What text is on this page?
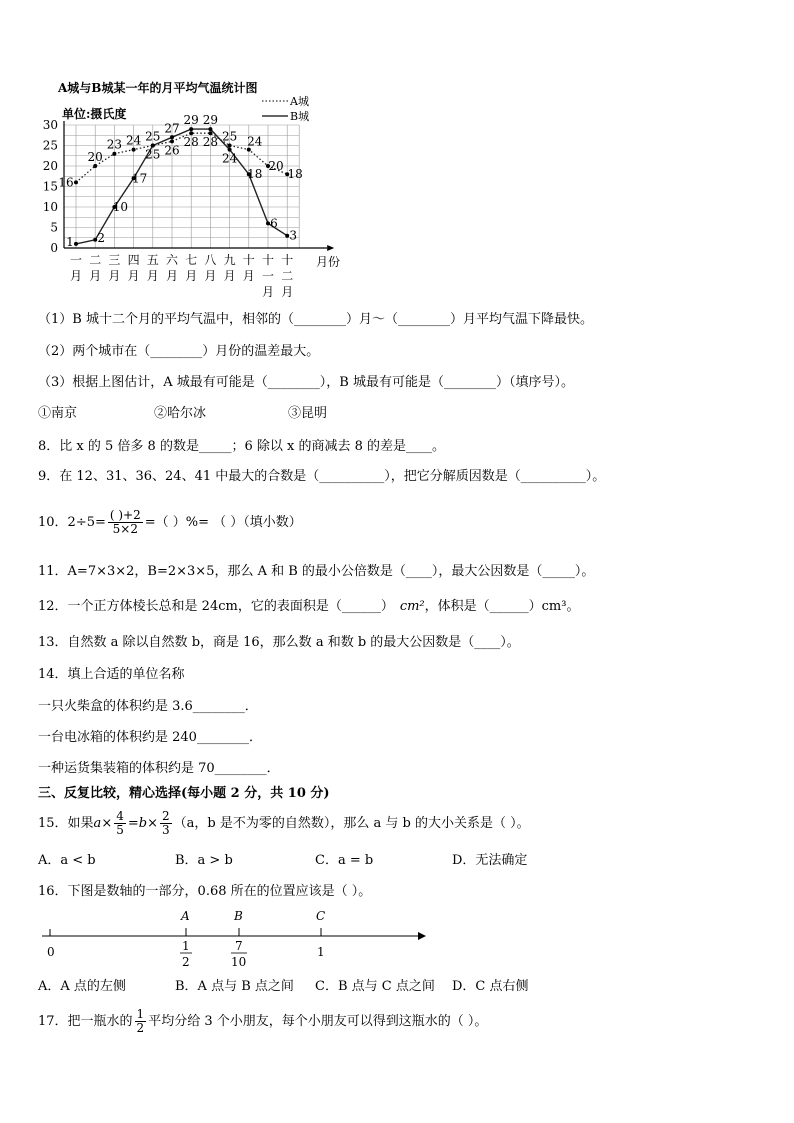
A城与B城某一年的月平均气温统计图
单位:摄氏度
A城
B城
0
5
10
15
20
25
30
一
月
二
月
三
月
四
月
五
月
六
月
七
月
八
月
九
月
十
月
十
一
月
十
二
月
16
20
23 24 25
26
28 28 25 24
20
18
1 2
10
17
25
27
29 29
24
18
6
3
月份
（1）B 城十二个月的平均气温中，相邻的（________）月～（________）月平均气温下降最快。
（2）两个城市在（________）月份的温差最大。
（3）根据上图估计，A 城最有可能是（________），B 城最有可能是（________）（填序号）。
①南京	②哈尔冰	③昆明
8．比 x 的 5 倍多 8 的数是_____；6 除以 x 的商减去 8 的差是____。
9．在 12、31、36、24、41 中最大的合数是（__________），把它分解质因数是（__________）。
10．$2\div 5= \frac{( )+2}{5\times 2}$ =（ ）%= （ ）（填小数）
11．A=7×3×2，B=2×3×5，那么 A 和 B 的最小公倍数是（____），最大公因数是（_____）。
12．一个正方体棱长总和是 24cm，它的表面积是（______） cm²，体积是（______）cm³。
13．自然数 a 除以自然数 b，商是 16，那么数 a 和数 b 的最大公因数是（____）。
14．填上合适的单位名称
一只火柴盒的体积约是 3.6________．
一台电冰箱的体积约是 240________．
一种运货集装箱的体积约是 70________．
三、反复比较，精心选择(每小题 2 分，共 10 分)
15．如果$a\times \frac{4}{5} =b\times \frac{2}{3} (a$，b 是不为零的自然数），那么 a 与 b 的大小关系是（ ）。
A．a < b	B．a > b	C．a = b	D．无法确定
16．下图是数轴的一部分，0.68 所在的位置应该是（ ）。
0
A
1
2
B
7
10
C
1
A．A 点的左侧	B．A 点与 B 点之间 C．B 点与 C 点之间 D．C 点右侧
17．把一瓶水的 $\frac{1}{2}$ 平均分给 3 个小朋友，每个小朋友可以得到这瓶水的（ ）。
